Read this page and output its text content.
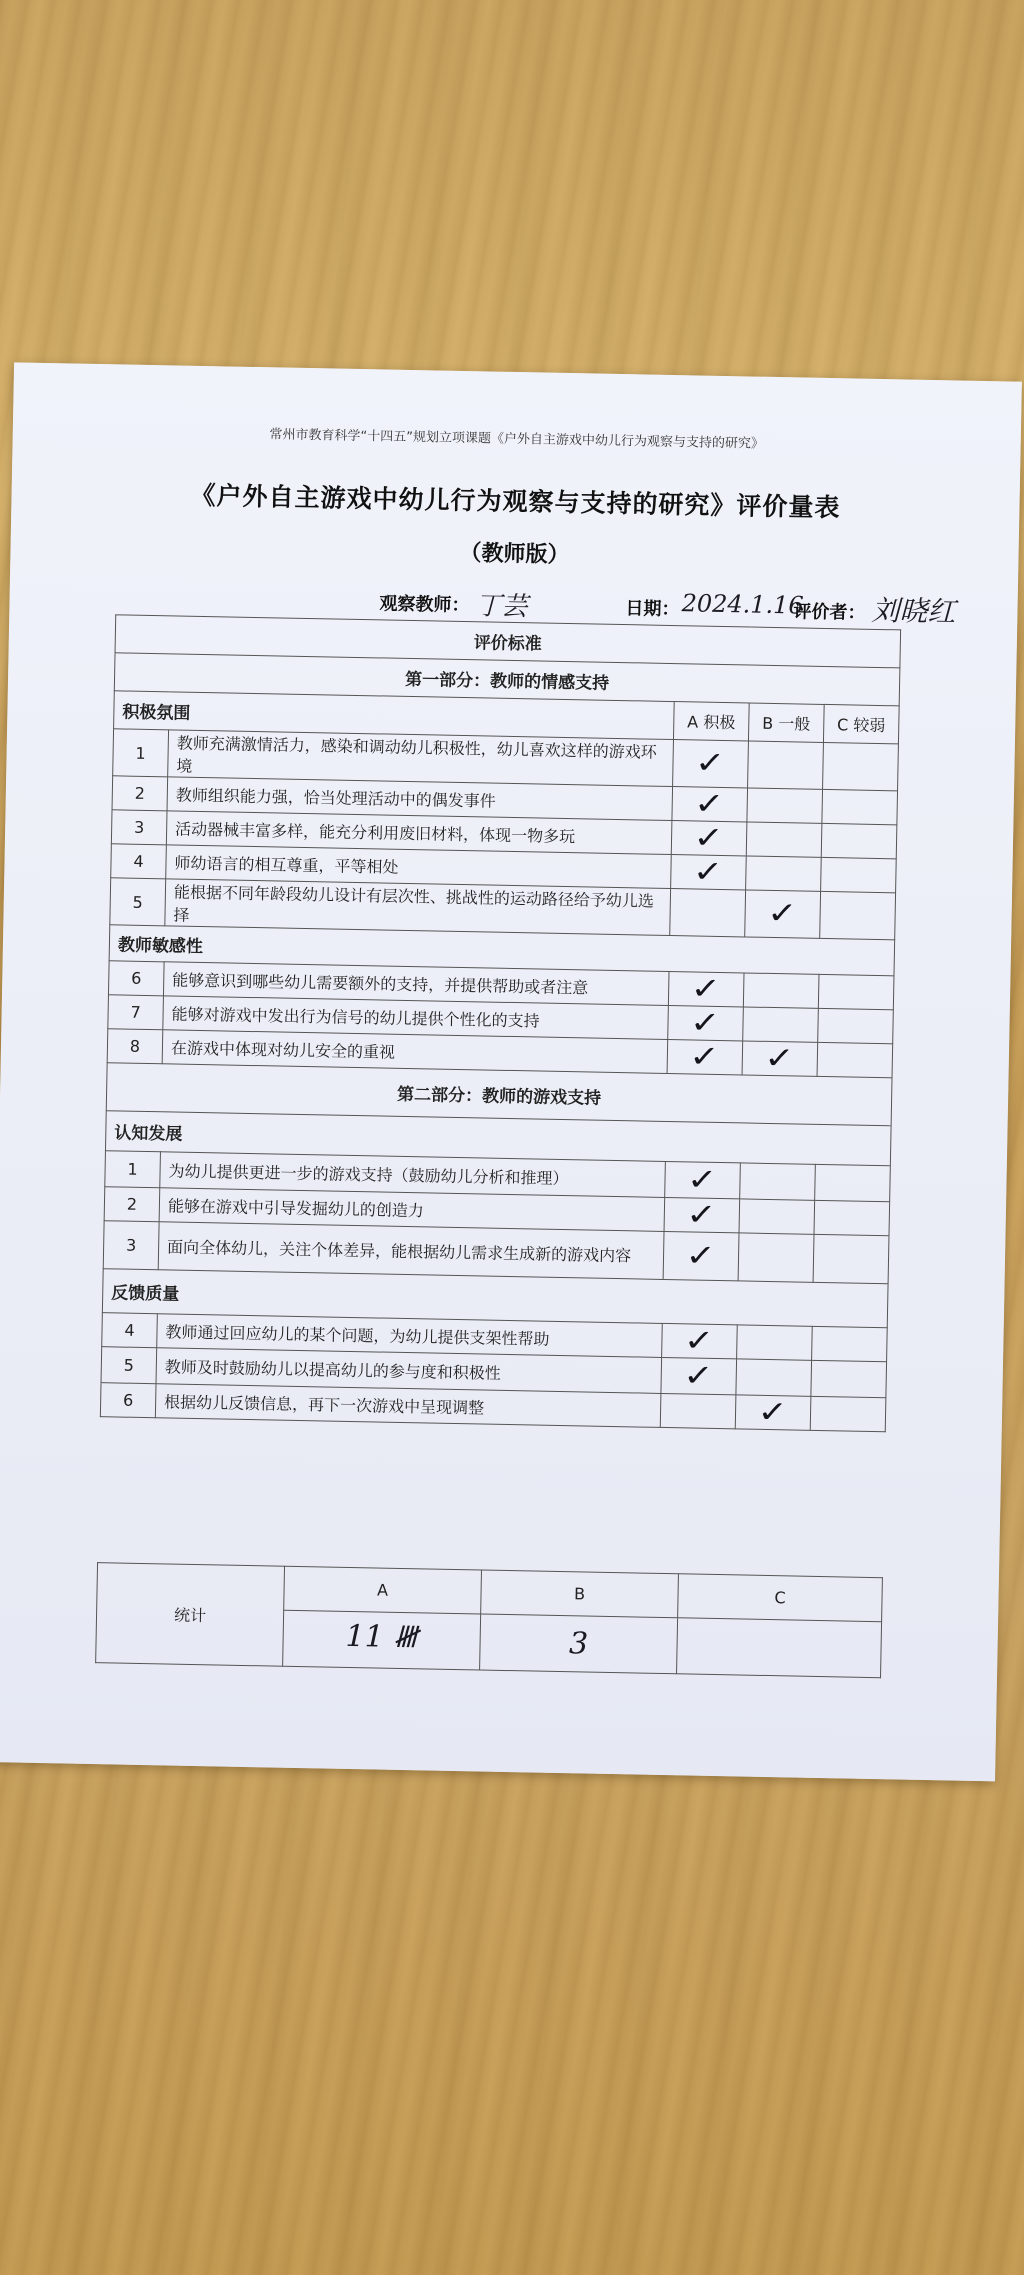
常州市教育科学“十四五”规划立项课题《户外自主游戏中幼儿行为观察与支持的研究》
《户外自主游戏中幼儿行为观察与支持的研究》评价量表
（教师版）
观察教师： 丁芸	日期： 2024.1.16
评价者： 刘晓红
评价标准				
第一部分：教师的情感支持				
积极氛围		A 积极	B 一般	C 较弱
1	教师充满激情活力，感染和调动幼儿积极性，幼儿喜欢这样的游戏环境	✓		
2	教师组织能力强，恰当处理活动中的偶发事件	✓		
3	活动器械丰富多样，能充分利用废旧材料，体现一物多玩	✓		
4	师幼语言的相互尊重，平等相处	✓		
5	能根据不同年龄段幼儿设计有层次性、挑战性的运动路径给予幼儿选择		✓	
教师敏感性				
6	能够意识到哪些幼儿需要额外的支持，并提供帮助或者注意	✓		
7	能够对游戏中发出行为信号的幼儿提供个性化的支持	✓		
8	在游戏中体现对幼儿安全的重视	✓	✓	
第二部分：教师的游戏支持				
认知发展				
1	为幼儿提供更进一步的游戏支持（鼓励幼儿分析和推理）	✓		
2	能够在游戏中引导发掘幼儿的创造力	✓		
3	面向全体幼儿，关注个体差异，能根据幼儿需求生成新的游戏内容	✓		
反馈质量				
4	教师通过回应幼儿的某个问题，为幼儿提供支架性帮助	✓		
5	教师及时鼓励幼儿以提高幼儿的参与度和积极性	✓		
6	根据幼儿反馈信息，再下一次游戏中呈现调整		✓	
统计	A	B	C
	11 𝍸	3	
